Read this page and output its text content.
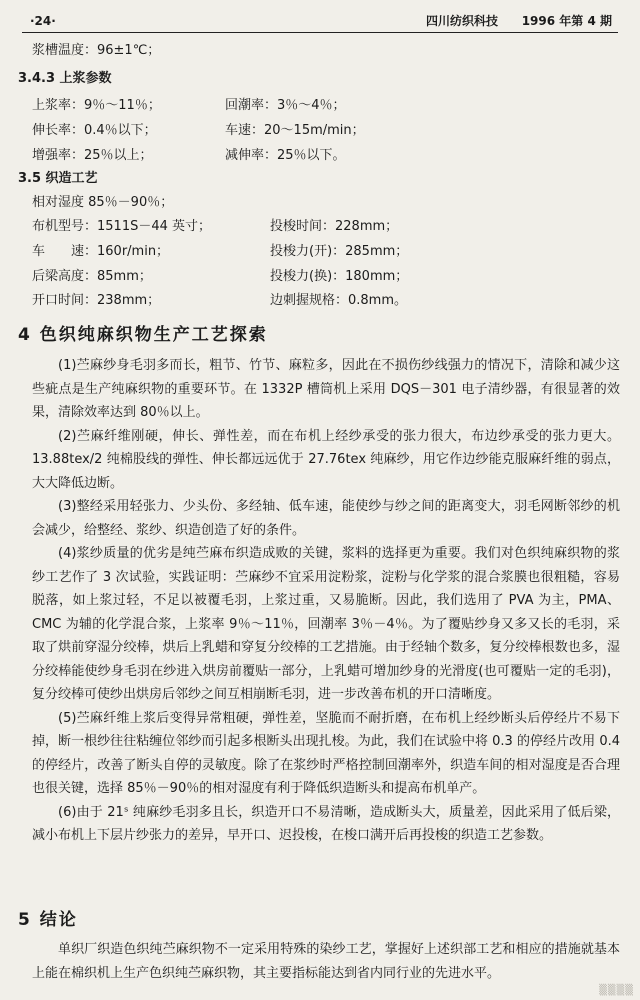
·24·	四川纺织科技 1996 年第 4 期
浆槽温度：96±1℃；
3.4.3 上浆参数
上浆率：9％～11％；	回潮率：3％～4％；
伸长率：0.4％以下；	车速：20～15m/min；
增强率：25％以上；	减伸率：25％以下。
3.5 织造工艺
相对湿度 85％－90％；
布机型号：1511S－44 英寸；	投梭时间：228mm；
车　　速：160r/min；	投梭力(开)：285mm；
后梁高度：85mm；	投梭力(换)：180mm；
开口时间：238mm；	边刺握规格：0.8mm。
4 色织纯麻织物生产工艺探索

(1)苎麻纱身毛羽多而长，粗节、竹节、麻粒多，因此在不损伤纱线强力的情况下，清除和减少这些疵点是生产纯麻织物的重要环节。在 1332P 槽筒机上采用 DQS－301 电子清纱器，有很显著的效果，清除效率达到 80％以上。

(2)苎麻纤维刚硬，伸长、弹性差，而在布机上经纱承受的张力很大，布边纱承受的张力更大。13.88tex/2 纯棉股线的弹性、伸长都远远优于 27.76tex 纯麻纱，用它作边纱能克服麻纤维的弱点，大大降低边断。

(3)整经采用轻张力、少头份、多经轴、低车速，能使纱与纱之间的距离变大，羽毛网断邻纱的机会减少，给整经、浆纱、织造创造了好的条件。

(4)浆纱质量的优劣是纯苎麻布织造成败的关键，浆料的选择更为重要。我们对色织纯麻织物的浆纱工艺作了 3 次试验，实践证明：苎麻纱不宜采用淀粉浆，淀粉与化学浆的混合浆膜也很粗糙，容易脱落，如上浆过轻，不足以被覆毛羽，上浆过重，又易脆断。因此，我们选用了 PVA 为主，PMA、CMC 为辅的化学混合浆，上浆率 9％～11％，回潮率 3％－4％。为了覆贴纱身又多又长的毛羽，采取了烘前穿湿分绞棒，烘后上乳蜡和穿复分绞棒的工艺措施。由于经轴个数多，复分绞棒根数也多，湿分绞棒能使纱身毛羽在纱进入烘房前覆贴一部分，上乳蜡可增加纱身的光滑度(也可覆贴一定的毛羽)，复分绞棒可使纱出烘房后邻纱之间互相崩断毛羽，进一步改善布机的开口清晰度。

(5)苎麻纤维上浆后变得异常粗硬，弹性差，坚脆而不耐折磨，在布机上经纱断头后停经片不易下掉，断一根纱往往粘缠位邻纱而引起多根断头出现扎梭。为此，我们在试验中将 0.3 的停经片改用 0.4 的停经片，改善了断头自停的灵敏度。除了在浆纱时严格控制回潮率外，织造车间的相对湿度是否合理也很关键，选择 85％－90％的相对湿度有利于降低织造断头和提高布机单产。

(6)由于 21ˢ 纯麻纱毛羽多且长，织造开口不易清晰，造成断头大，质量差，因此采用了低后梁，减小布机上下层片纱张力的差异，早开口、迟投梭，在梭口满开后再投梭的织造工艺参数。

5 结论

单织厂织造色织纯苎麻织物不一定采用特殊的染纱工艺，掌握好上述织部工艺和相应的措施就基本上能在棉织机上生产色织纯苎麻织物，其主要指标能达到省内同行业的先进水平。

▒▒▒▒
